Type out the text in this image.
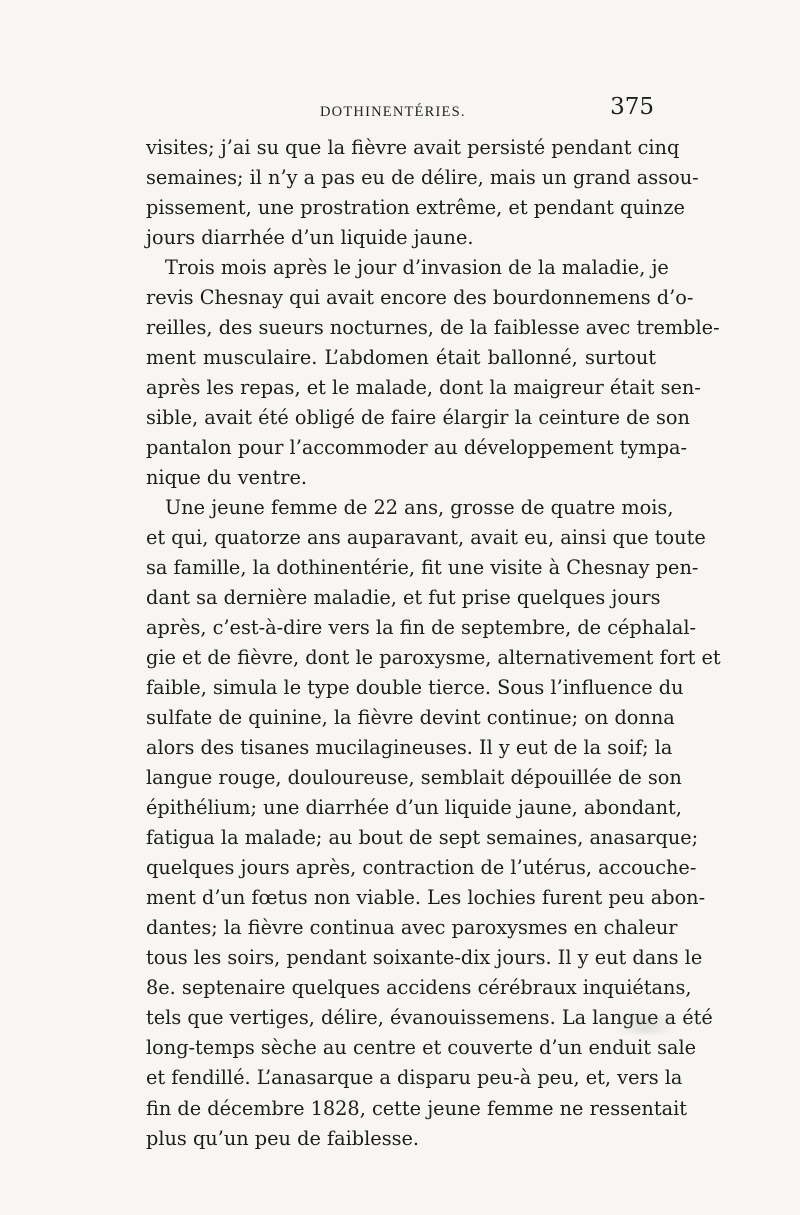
DOTHINENTÉRIES.	375
visites; j’ai su que la fièvre avait persisté pendant cinq
semaines; il n’y a pas eu de délire, mais un grand assou-
pissement, une prostration extrême, et pendant quinze
jours diarrhée d’un liquide jaune.
Trois mois après le jour d’invasion de la maladie, je
revis Chesnay qui avait encore des bourdonnemens d’o-
reilles, des sueurs nocturnes, de la faiblesse avec tremble-
ment musculaire. L’abdomen était ballonné, surtout
après les repas, et le malade, dont la maigreur était sen-
sible, avait été obligé de faire élargir la ceinture de son
pantalon pour l’accommoder au développement tympa-
nique du ventre.
Une jeune femme de 22 ans, grosse de quatre mois,
et qui, quatorze ans auparavant, avait eu, ainsi que toute
sa famille, la dothinentérie, fit une visite à Chesnay pen-
dant sa dernière maladie, et fut prise quelques jours
après, c’est-à-dire vers la fin de septembre, de céphalal-
gie et de fièvre, dont le paroxysme, alternativement fort et
faible, simula le type double tierce. Sous l’influence du
sulfate de quinine, la fièvre devint continue; on donna
alors des tisanes mucilagineuses. Il y eut de la soif; la
langue rouge, douloureuse, semblait dépouillée de son
épithélium; une diarrhée d’un liquide jaune, abondant,
fatigua la malade; au bout de sept semaines, anasarque;
quelques jours après, contraction de l’utérus, accouche-
ment d’un fœtus non viable. Les lochies furent peu abon-
dantes; la fièvre continua avec paroxysmes en chaleur
tous les soirs, pendant soixante-dix jours. Il y eut dans le
8e. septenaire quelques accidens cérébraux inquiétans,
tels que vertiges, délire, évanouissemens. La langue a été
long-temps sèche au centre et couverte d’un enduit sale
et fendillé. L’anasarque a disparu peu-à peu, et, vers la
fin de décembre 1828, cette jeune femme ne ressentait
plus qu’un peu de faiblesse.
